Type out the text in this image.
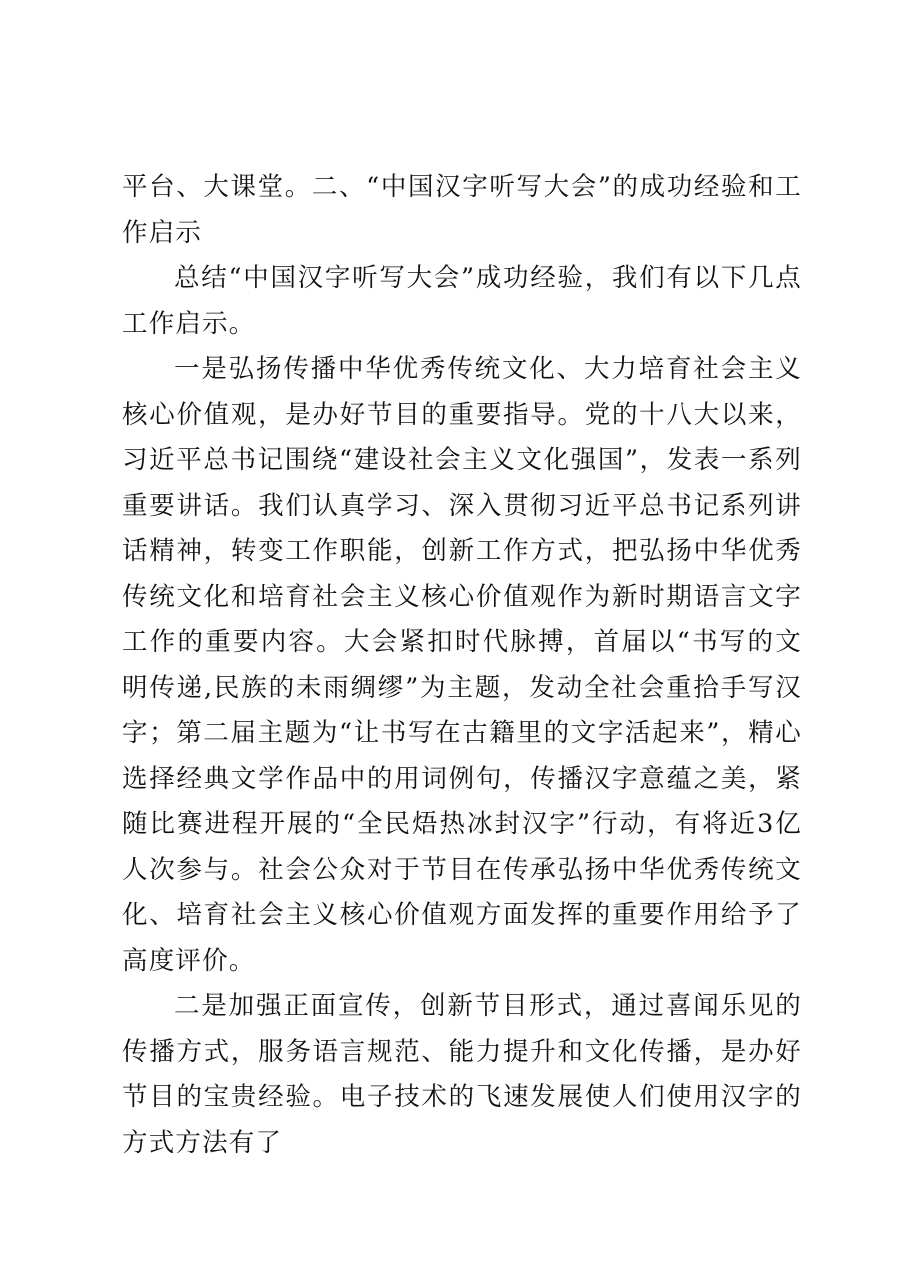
平台、大课堂。二、“中国汉字听写大会”的成功经验和工作启示

总结“中国汉字听写大会”成功经验，我们有以下几点工作启示。

一是弘扬传播中华优秀传统文化、大力培育社会主义核心价值观，是办好节目的重要指导。党的十八大以来，习近平总书记围绕“建设社会主义文化强国”，发表一系列重要讲话。我们认真学习、深入贯彻习近平总书记系列讲话精神，转变工作职能，创新工作方式，把弘扬中华优秀传统文化和培育社会主义核心价值观作为新时期语言文字工作的重要内容。大会紧扣时代脉搏，首届以“书写的文明传递,民族的未雨绸缪”为主题，发动全社会重拾手写汉字；第二届主题为“让书写在古籍里的文字活起来”，精心选择经典文学作品中的用词例句，传播汉字意蕴之美，紧随比赛进程开展的“全民焐热冰封汉字”行动，有将近3亿人次参与。社会公众对于节目在传承弘扬中华优秀传统文化、培育社会主义核心价值观方面发挥的重要作用给予了高度评价。

二是加强正面宣传，创新节目形式，通过喜闻乐见的传播方式，服务语言规范、能力提升和文化传播，是办好节目的宝贵经验。电子技术的飞速发展使人们使用汉字的方式方法有了
